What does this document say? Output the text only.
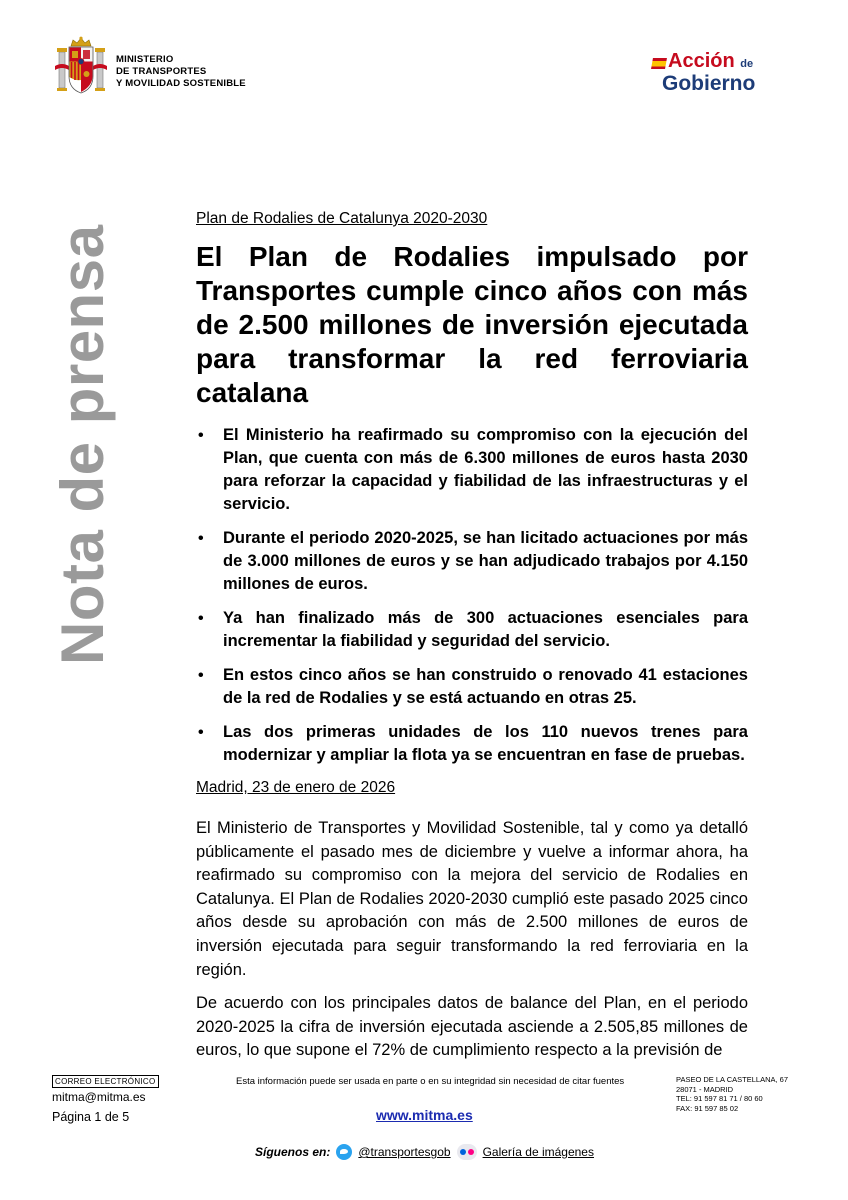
MINISTERIO
DE TRANSPORTES
Y MOVILIDAD SOSTENIBLE
Acción de
Gobierno
Nota de prensa
Plan de Rodalies de Catalunya 2020-2030
El Plan de Rodalies impulsado por Transportes cumple cinco años con más de 2.500 millones de inversión ejecutada para transformar la red ferroviaria catalana
• El Ministerio ha reafirmado su compromiso con la ejecución del Plan, que cuenta con más de 6.300 millones de euros hasta 2030 para reforzar la capacidad y fiabilidad de las infraestructuras y el servicio.
• Durante el periodo 2020-2025, se han licitado actuaciones por más de 3.000 millones de euros y se han adjudicado trabajos por 4.150 millones de euros.
• Ya han finalizado más de 300 actuaciones esenciales para incrementar la fiabilidad y seguridad del servicio.
• En estos cinco años se han construido o renovado 41 estaciones de la red de Rodalies y se está actuando en otras 25.
• Las dos primeras unidades de los 110 nuevos trenes para modernizar y ampliar la flota ya se encuentran en fase de pruebas.
Madrid, 23 de enero de 2026

El Ministerio de Transportes y Movilidad Sostenible, tal y como ya detalló públicamente el pasado mes de diciembre y vuelve a informar ahora, ha reafirmado su compromiso con la mejora del servicio de Rodalies en Catalunya. El Plan de Rodalies 2020-2030 cumplió este pasado 2025 cinco años desde su aprobación con más de 2.500 millones de euros de inversión ejecutada para seguir transformando la red ferroviaria en la región.

De acuerdo con los principales datos de balance del Plan, en el periodo 2020-2025 la cifra de inversión ejecutada asciende a 2.505,85 millones de euros, lo que supone el 72% de cumplimiento respecto a la previsión de

CORREO ELECTRÓNICO
mitma@mitma.es
Página 1 de 5
Esta información puede ser usada en parte o en su integridad sin necesidad de citar fuentes	PASEO DE LA CASTELLANA, 67
28071 - MADRID
TEL: 91 597 81 71 / 80 60
FAX: 91 597 85 02
www.mitma.es
Síguenos en: @transportesgob	Galería de imágenes
